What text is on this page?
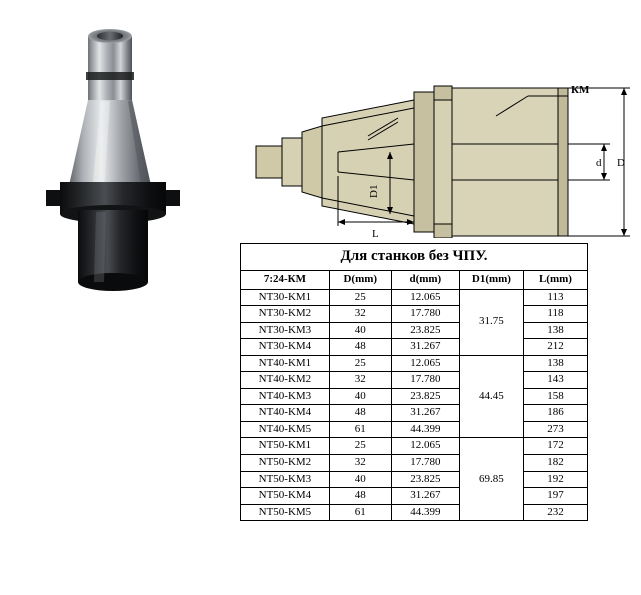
КМ
d D
D1
L
Для станков без ЧПУ.
7:24-КМ	D(mm)	d(mm)	D1(mm)	L(mm)
NT30-KM1	25	12.065	31.75	113
NT30-KM2	32	17.780		118
NT30-KM3	40	23.825		138
NT30-KM4	48	31.267		212
NT40-KM1	25	12.065	44.45	138
NT40-KM2	32	17.780		143
NT40-KM3	40	23.825		158
NT40-KM4	48	31.267		186
NT40-KM5	61	44.399		273
NT50-KM1	25	12.065	69.85	172
NT50-KM2	32	17.780		182
NT50-KM3	40	23.825		192
NT50-KM4	48	31.267		197
NT50-KM5	61	44.399		232
